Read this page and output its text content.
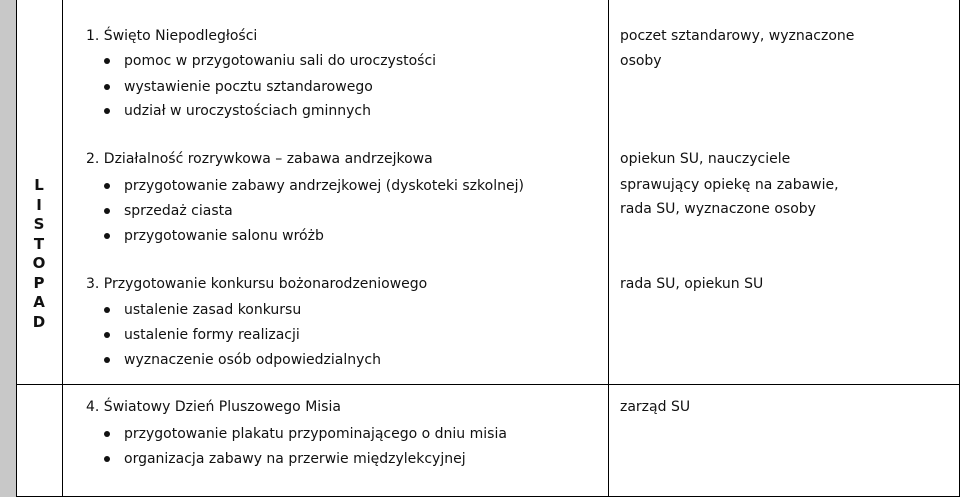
L
I
S
T
O
P
A
D
1. Święto Niepodległości
pomoc w przygotowaniu sali do uroczystości
wystawienie pocztu sztandarowego
udział w uroczystościach gminnych
poczet sztandarowy, wyznaczone
osoby
2. Działalność rozrywkowa – zabawa andrzejkowa
przygotowanie zabawy andrzejkowej (dyskoteki szkolnej)
sprzedaż ciasta
przygotowanie salonu wróżb
opiekun SU, nauczyciele
sprawujący opiekę na zabawie,
rada SU, wyznaczone osoby
3. Przygotowanie konkursu bożonarodzeniowego
ustalenie zasad konkursu
ustalenie formy realizacji
wyznaczenie osób odpowiedzialnych
rada SU, opiekun SU
4. Światowy Dzień Pluszowego Misia
przygotowanie plakatu przypominającego o dniu misia
organizacja zabawy na przerwie międzylekcyjnej
zarząd SU
